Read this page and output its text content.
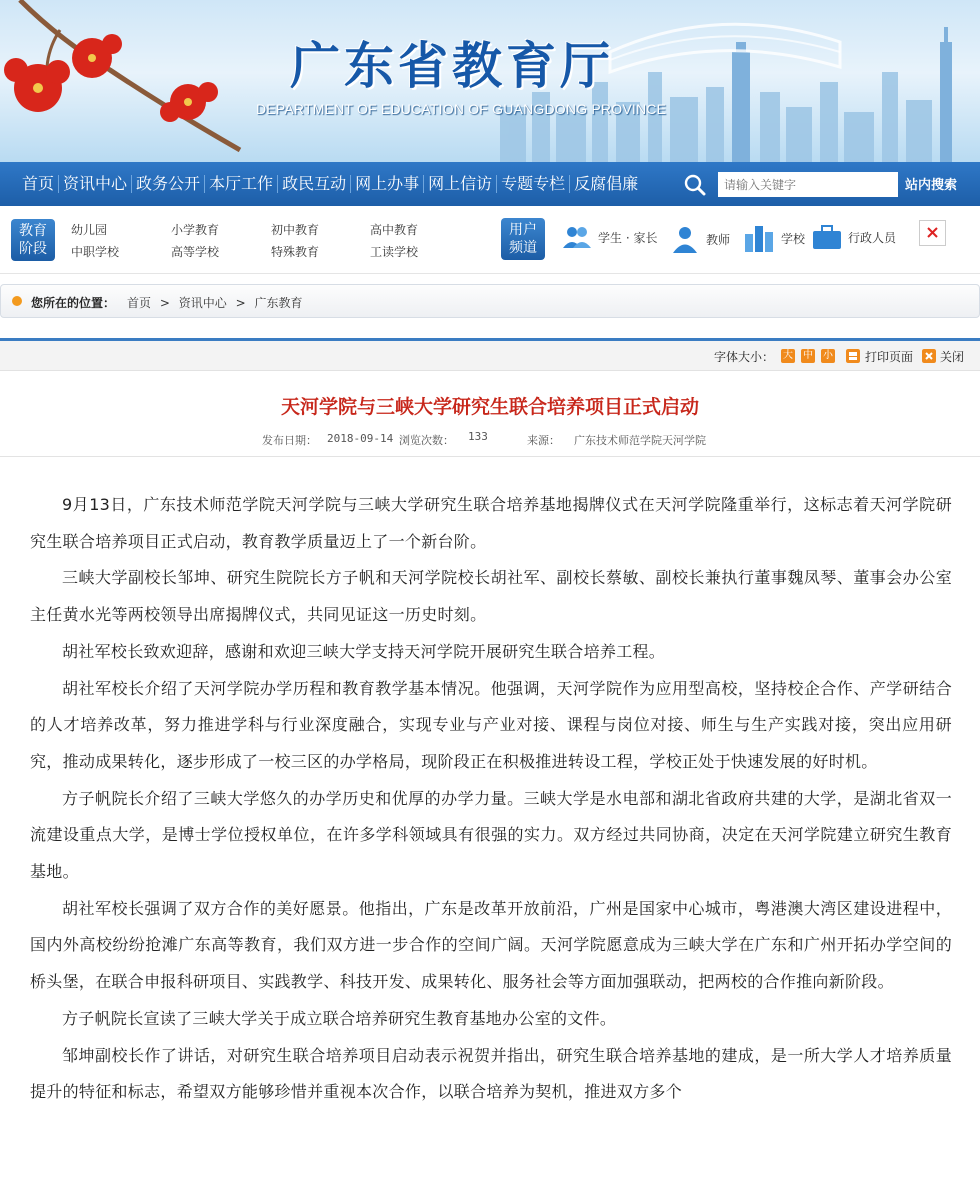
广东省教育厅
DEPARTMENT OF EDUCATION OF GUANGDONG PROVINCE
首页 资讯中心 政务公开 本厅工作 政民互动 网上办事 网上信访 专题专栏 反腐倡廉
请输入关键字	站内搜索
教育
阶段
幼儿园	小学教育	初中教育	高中教育
中职学校	高等学校	特殊教育	工读学校
用户
频道
学生 · 家长	教师	学校	行政人员
您所在的位置： 首页 > 资讯中心 > 广东教育
字体大小： 大 中 小	打印页面 关闭
天河学院与三峡大学研究生联合培养项目正式启动
发布日期： 2018-09-14 浏览次数： 133	来源： 广东技术师范学院天河学院

9月13日，广东技术师范学院天河学院与三峡大学研究生联合培养基地揭牌仪式在天河学院隆重举行，这标志着天河学院研究生联合培养项目正式启动，教育教学质量迈上了一个新台阶。

三峡大学副校长邹坤、研究生院院长方子帆和天河学院校长胡社军、副校长蔡敏、副校长兼执行董事魏凤琴、董事会办公室主任黄水光等两校领导出席揭牌仪式，共同见证这一历史时刻。

胡社军校长致欢迎辞，感谢和欢迎三峡大学支持天河学院开展研究生联合培养工程。

胡社军校长介绍了天河学院办学历程和教育教学基本情况。他强调，天河学院作为应用型高校，坚持校企合作、产学研结合的人才培养改革，努力推进学科与行业深度融合，实现专业与产业对接、课程与岗位对接、师生与生产实践对接，突出应用研究，推动成果转化，逐步形成了一校三区的办学格局，现阶段正在积极推进转设工程，学校正处于快速发展的好时机。

方子帆院长介绍了三峡大学悠久的办学历史和优厚的办学力量。三峡大学是水电部和湖北省政府共建的大学，是湖北省双一流建设重点大学，是博士学位授权单位，在许多学科领域具有很强的实力。双方经过共同协商，决定在天河学院建立研究生教育基地。

胡社军校长强调了双方合作的美好愿景。他指出，广东是改革开放前沿，广州是国家中心城市，粤港澳大湾区建设进程中，国内外高校纷纷抢滩广东高等教育，我们双方进一步合作的空间广阔。天河学院愿意成为三峡大学在广东和广州开拓办学空间的桥头堡，在联合申报科研项目、实践教学、科技开发、成果转化、服务社会等方面加强联动，把两校的合作推向新阶段。

方子帆院长宣读了三峡大学关于成立联合培养研究生教育基地办公室的文件。

邹坤副校长作了讲话，对研究生联合培养项目启动表示祝贺并指出，研究生联合培养基地的建成，是一所大学人才培养质量提升的特征和标志，希望双方能够珍惜并重视本次合作，以联合培养为契机，推进双方多个
